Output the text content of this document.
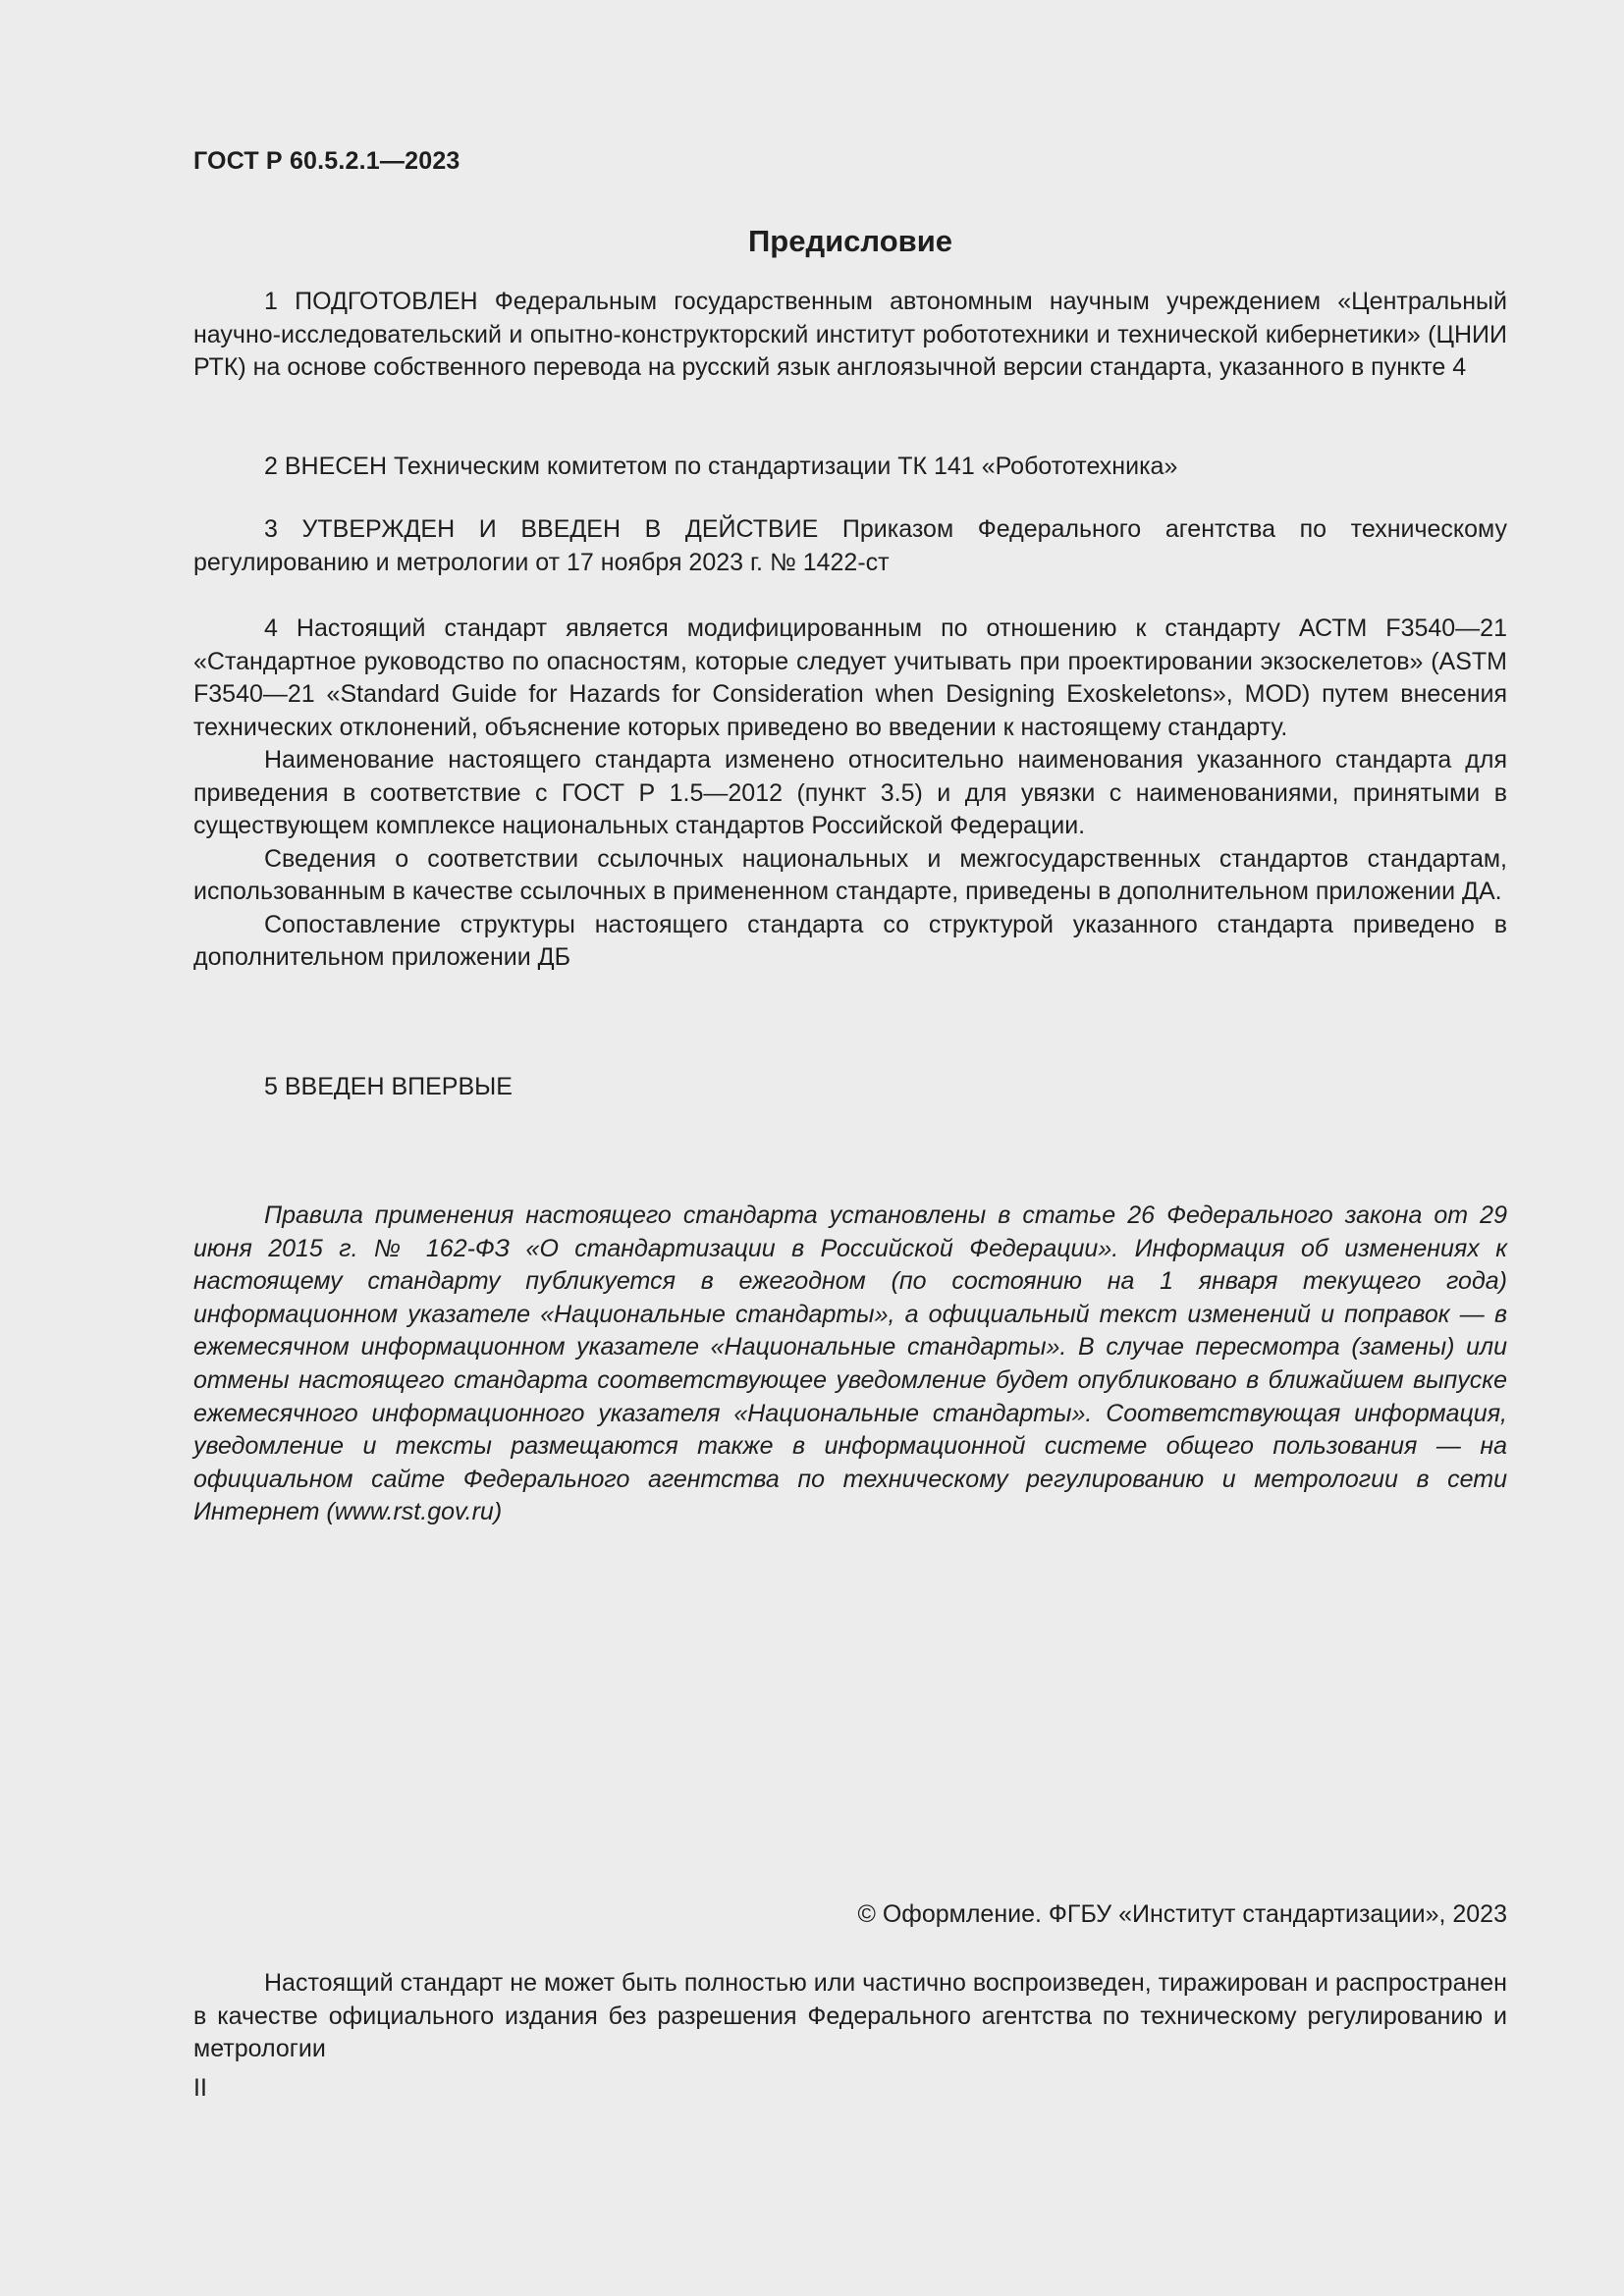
ГОСТ Р 60.5.2.1—2023
Предисловие

1 ПОДГОТОВЛЕН Федеральным государственным автономным научным учреждением «Центральный научно-исследовательский и опытно-конструкторский институт робототехники и технической кибернетики» (ЦНИИ РТК) на основе собственного перевода на русский язык англоязычной версии стандарта, указанного в пункте 4

2 ВНЕСЕН Техническим комитетом по стандартизации ТК 141 «Робототехника»

3 УТВЕРЖДЕН И ВВЕДЕН В ДЕЙСТВИЕ Приказом Федерального агентства по техническому регулированию и метрологии от 17 ноября 2023 г. № 1422-ст

4 Настоящий стандарт является модифицированным по отношению к стандарту АСТМ F3540—21 «Стандартное руководство по опасностям, которые следует учитывать при проектировании экзоскелетов» (ASTM F3540—21 «Standard Guide for Hazards for Consideration when Designing Exoskeletons», MOD) путем внесения технических отклонений, объяснение которых приведено во введении к настоящему стандарту.

Наименование настоящего стандарта изменено относительно наименования указанного стандарта для приведения в соответствие с ГОСТ Р 1.5—2012 (пункт 3.5) и для увязки с наименованиями, принятыми в существующем комплексе национальных стандартов Российской Федерации.

Сведения о соответствии ссылочных национальных и межгосударственных стандартов стандартам, использованным в качестве ссылочных в примененном стандарте, приведены в дополнительном приложении ДА.

Сопоставление структуры настоящего стандарта со структурой указанного стандарта приведено в дополнительном приложении ДБ

5 ВВЕДЕН ВПЕРВЫЕ

Правила применения настоящего стандарта установлены в статье 26 Федерального закона от 29 июня 2015 г. № 162-ФЗ «О стандартизации в Российской Федерации». Информация об изменениях к настоящему стандарту публикуется в ежегодном (по состоянию на 1 января текущего года) информационном указателе «Национальные стандарты», а официальный текст изменений и поправок — в ежемесячном информационном указателе «Национальные стандарты». В случае пересмотра (замены) или отмены настоящего стандарта соответствующее уведомление будет опубликовано в ближайшем выпуске ежемесячного информационного указателя «Национальные стандарты». Соответствующая информация, уведомление и тексты размещаются также в информационной системе общего пользования — на официальном сайте Федерального агентства по техническому регулированию и метрологии в сети Интернет (www.rst.gov.ru)

© Оформление. ФГБУ «Институт стандартизации», 2023

Настоящий стандарт не может быть полностью или частично воспроизведен, тиражирован и распространен в качестве официального издания без разрешения Федерального агентства по техническому регулированию и метрологии

II
